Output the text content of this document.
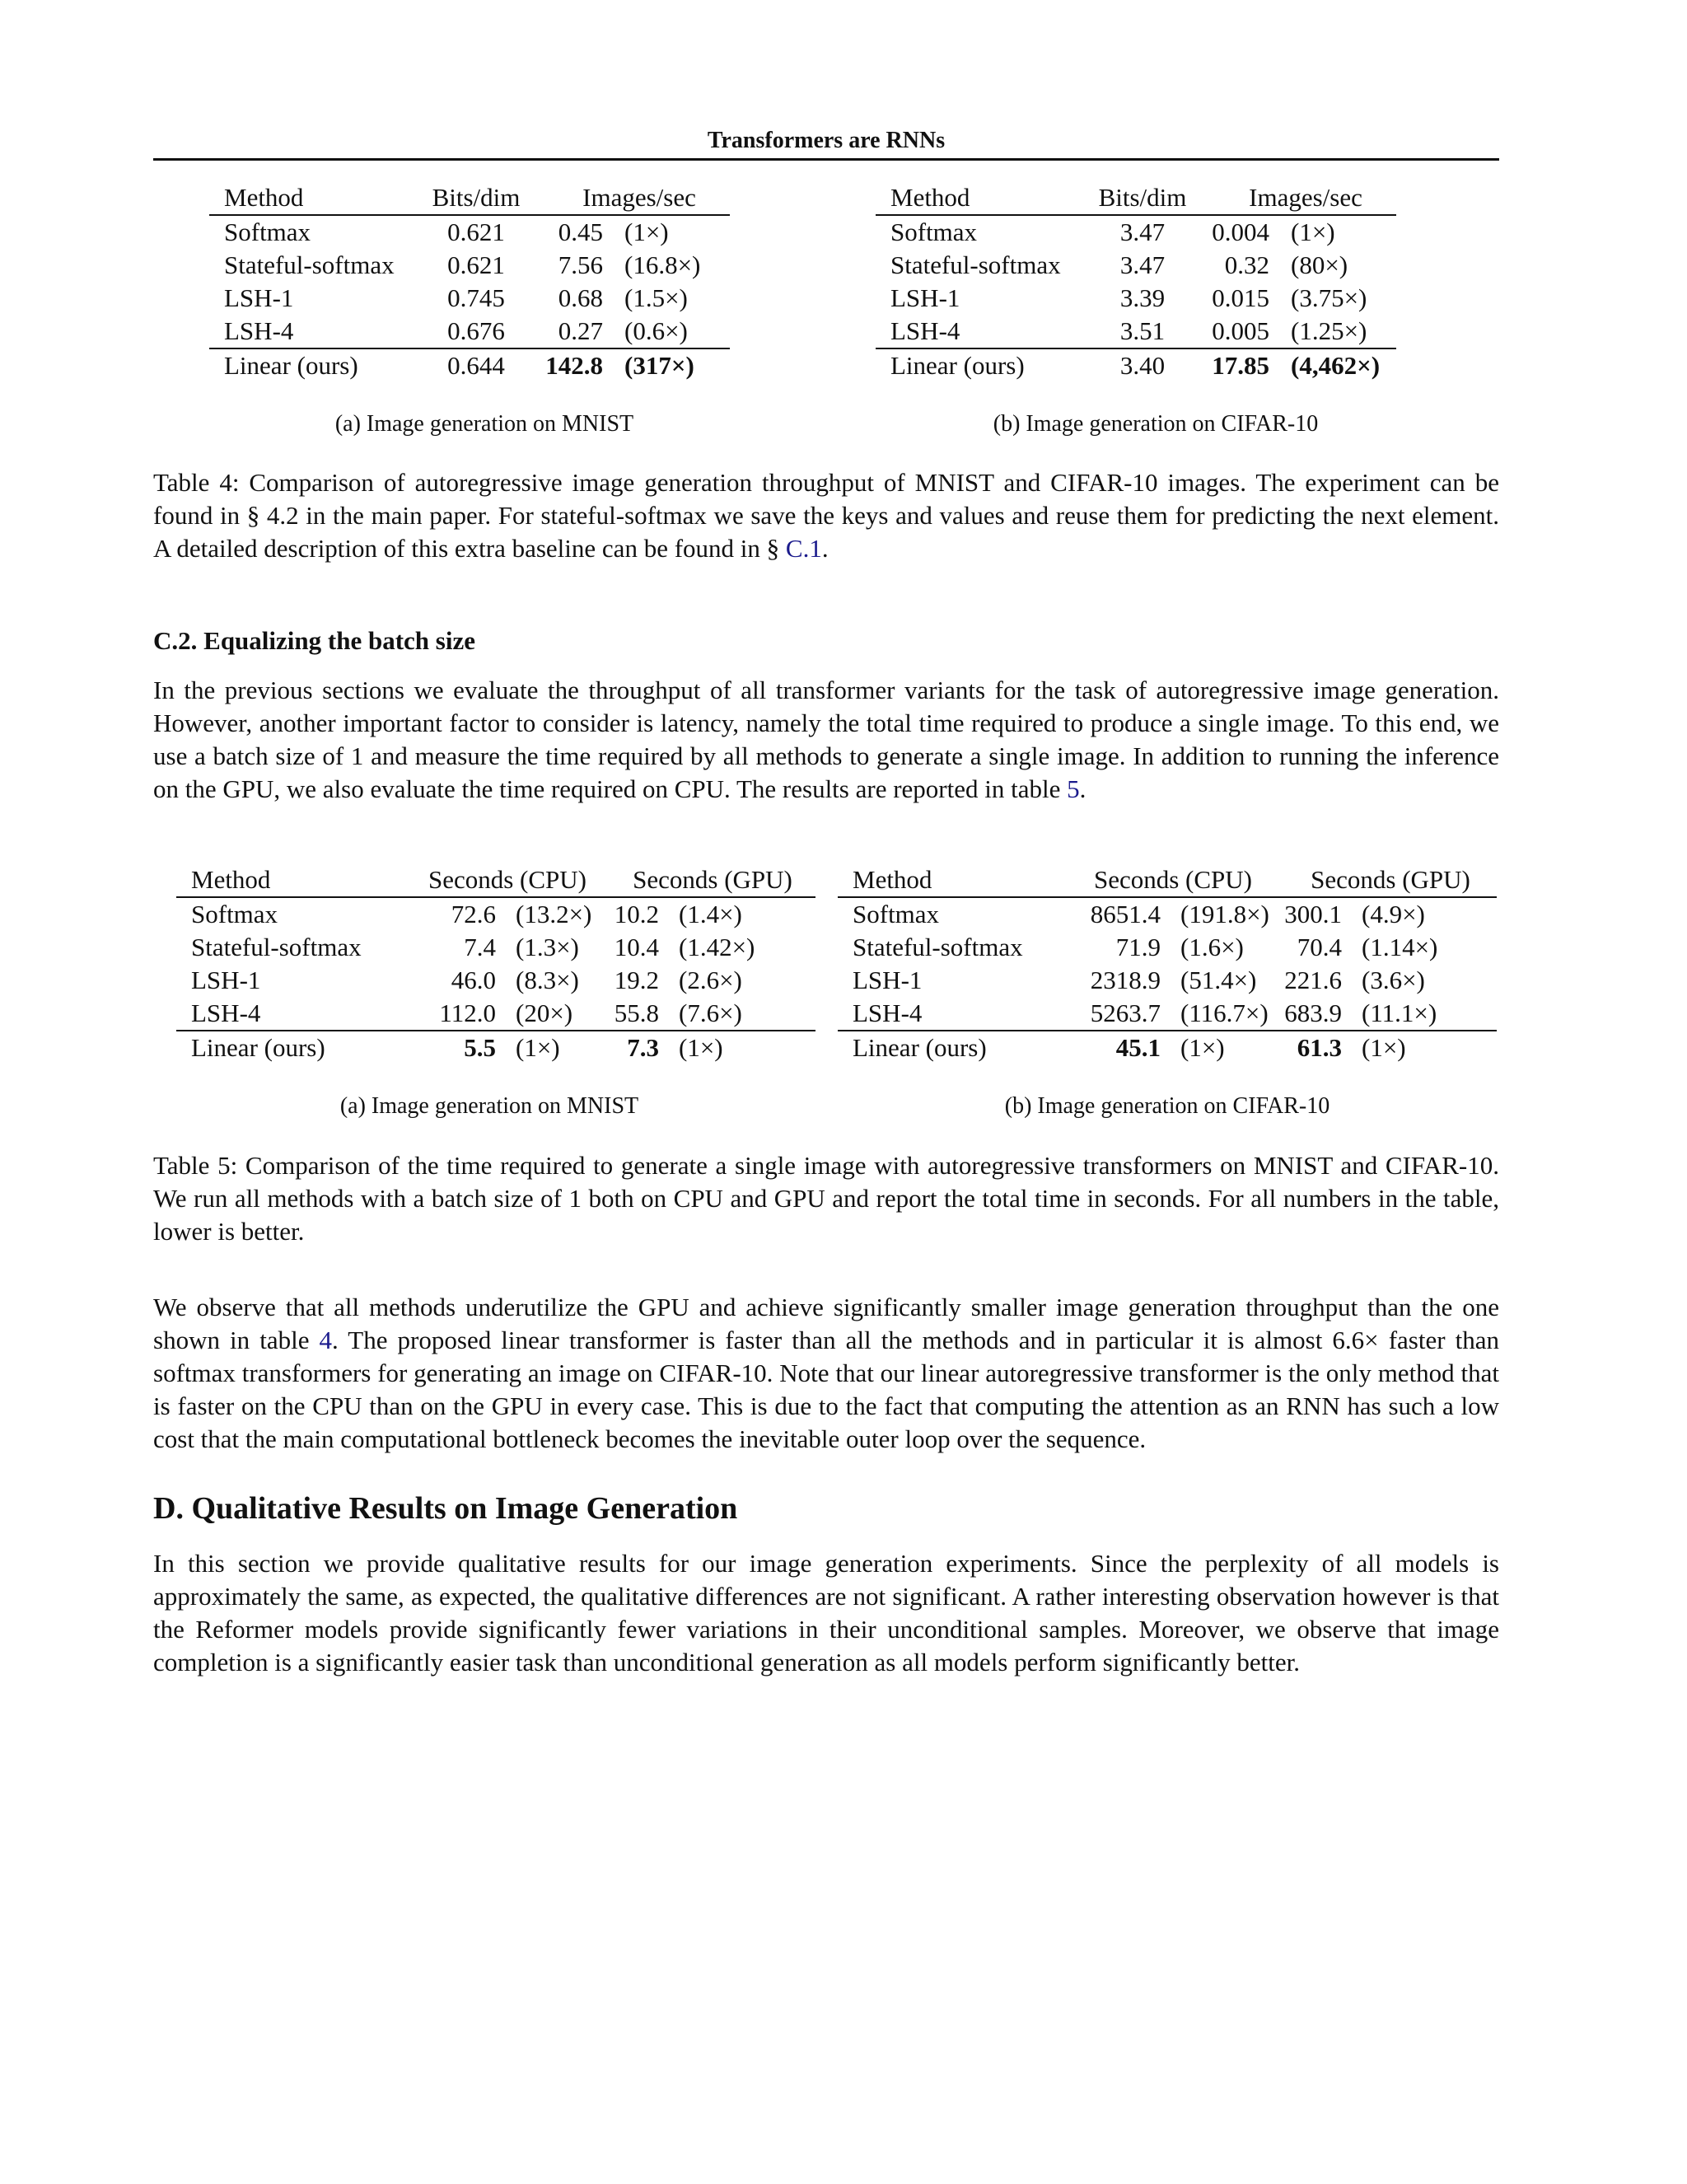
Transformers are RNNs
Method	Bits/dim	Images/sec	
Softmax	0.621	0.45	(1×)
Stateful-softmax	0.621	7.56	(16.8×)
LSH-1	0.745	0.68	(1.5×)
LSH-4	0.676	0.27	(0.6×)
Linear (ours)	0.644	142.8	(317×)
Method	Bits/dim	Images/sec	
Softmax	3.47	0.004	(1×)
Stateful-softmax	3.47	0.32	(80×)
LSH-1	3.39	0.015	(3.75×)
LSH-4	3.51	0.005	(1.25×)
Linear (ours)	3.40	17.85	(4,462×)
(a) Image generation on MNIST	(b) Image generation on CIFAR-10

Table 4: Comparison of autoregressive image generation throughput of MNIST and CIFAR-10 images. The experiment can be found in § 4.2 in the main paper. For stateful-softmax we save the keys and values and reuse them for predicting the next element. A detailed description of this extra baseline can be found in § C.1.

C.2. Equalizing the batch size

In the previous sections we evaluate the throughput of all transformer variants for the task of autoregressive image generation. However, another important factor to consider is latency, namely the total time required to produce a single image. To this end, we use a batch size of 1 and measure the time required by all methods to generate a single image. In addition to running the inference on the GPU, we also evaluate the time required on CPU. The results are reported in table 5.

Method	Seconds (CPU)		Seconds (GPU)	
Softmax	72.6	(13.2×)	10.2	(1.4×)
Stateful-softmax	7.4	(1.3×)	10.4	(1.42×)
LSH-1	46.0	(8.3×)	19.2	(2.6×)
LSH-4	112.0	(20×)	55.8	(7.6×)
Linear (ours)	5.5	(1×)	7.3	(1×)
Method	Seconds (CPU)		Seconds (GPU)	
Softmax	8651.4	(191.8×)	300.1	(4.9×)
Stateful-softmax	71.9	(1.6×)	70.4	(1.14×)
LSH-1	2318.9	(51.4×)	221.6	(3.6×)
LSH-4	5263.7	(116.7×)	683.9	(11.1×)
Linear (ours)	45.1	(1×)	61.3	(1×)
(a) Image generation on MNIST	(b) Image generation on CIFAR-10

Table 5: Comparison of the time required to generate a single image with autoregressive transformers on MNIST and CIFAR-10. We run all methods with a batch size of 1 both on CPU and GPU and report the total time in seconds. For all numbers in the table, lower is better.

We observe that all methods underutilize the GPU and achieve significantly smaller image generation throughput than the one shown in table 4. The proposed linear transformer is faster than all the methods and in particular it is almost 6.6× faster than softmax transformers for generating an image on CIFAR-10. Note that our linear autoregressive transformer is the only method that is faster on the CPU than on the GPU in every case. This is due to the fact that computing the attention as an RNN has such a low cost that the main computational bottleneck becomes the inevitable outer loop over the sequence.

D. Qualitative Results on Image Generation

In this section we provide qualitative results for our image generation experiments. Since the perplexity of all models is approximately the same, as expected, the qualitative differences are not significant. A rather interesting observation however is that the Reformer models provide significantly fewer variations in their unconditional samples. Moreover, we observe that image completion is a significantly easier task than unconditional generation as all models perform significantly better.
